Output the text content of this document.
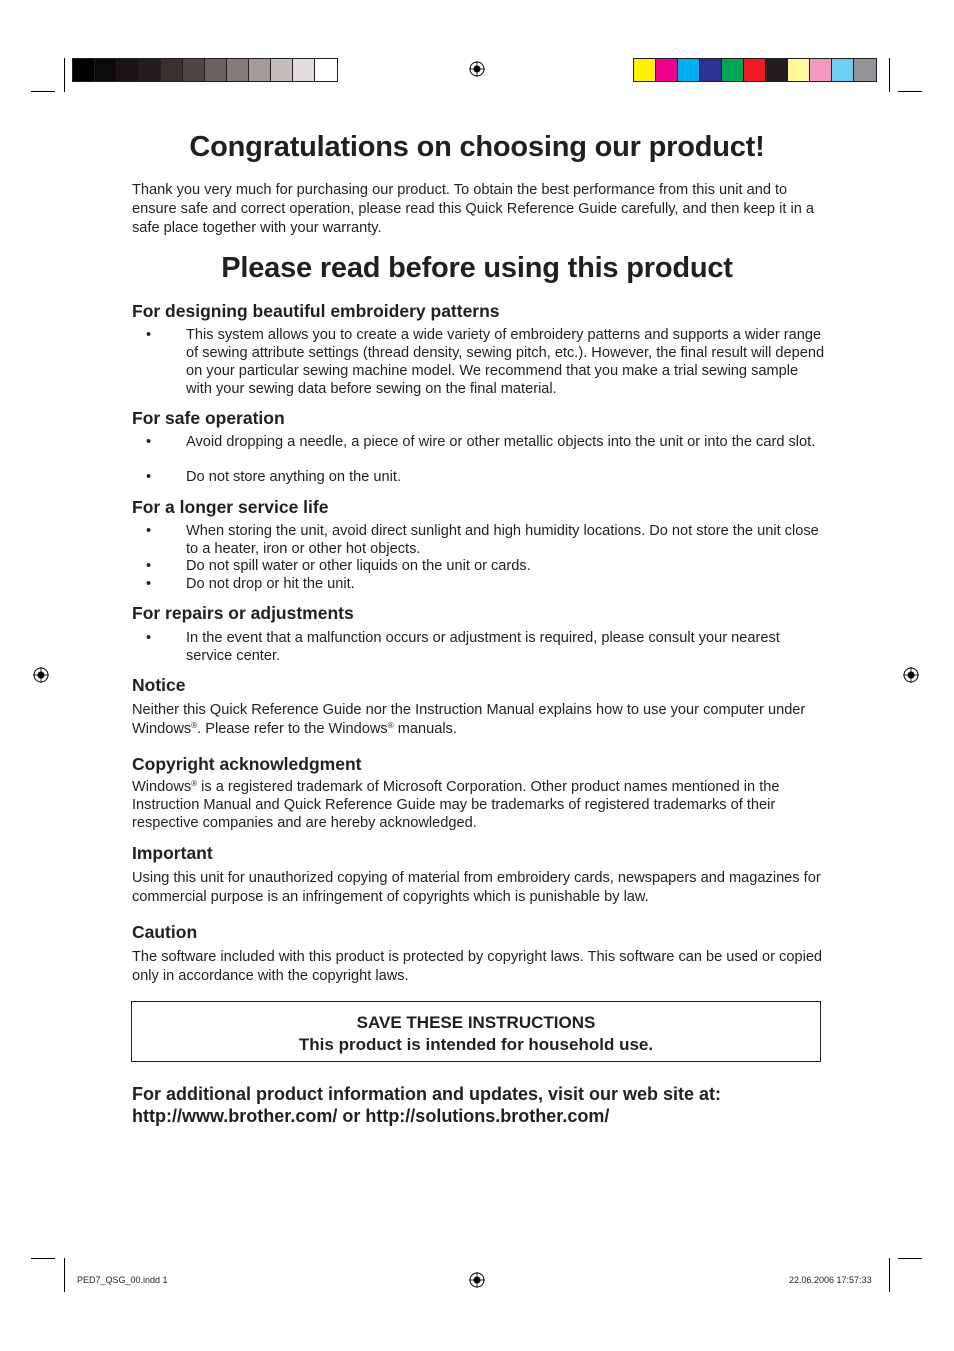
Congratulations on choosing our product!

Thank you very much for purchasing our product. To obtain the best performance from this unit and to ensure safe and correct operation, please read this Quick Reference Guide carefully, and then keep it in a safe place together with your warranty.

Please read before using this product
For designing beautiful embroidery patterns
• This system allows you to create a wide variety of embroidery patterns and supports a wider range of sewing attribute settings (thread density, sewing pitch, etc.). However, the final result will depend on your particular sewing machine model. We recommend that you make a trial sewing sample with your sewing data before sewing on the final material.
For safe operation
• Avoid dropping a needle, a piece of wire or other metallic objects into the unit or into the card slot.
• Do not store anything on the unit.
For a longer service life
• When storing the unit, avoid direct sunlight and high humidity locations. Do not store the unit close to a heater, iron or other hot objects.
• Do not spill water or other liquids on the unit or cards.
• Do not drop or hit the unit.
For repairs or adjustments
• In the event that a malfunction occurs or adjustment is required, please consult your nearest service center.
Notice

Neither this Quick Reference Guide nor the Instruction Manual explains how to use your computer under Windows®. Please refer to the Windows® manuals.

Copyright acknowledgment

Windows® is a registered trademark of Microsoft Corporation. Other product names mentioned in the Instruction Manual and Quick Reference Guide may be trademarks of registered trademarks of their respective companies and are hereby acknowledged.

Important

Using this unit for unauthorized copying of material from embroidery cards, newspapers and magazines for commercial purpose is an infringement of copyrights which is punishable by law.

Caution

The software included with this product is protected by copyright laws. This software can be used or copied only in accordance with the copyright laws.

SAVE THESE INSTRUCTIONS
This product is intended for household use.
For additional product information and updates, visit our web site at:
http://www.brother.com/ or http://solutions.brother.com/
PED7_QSG_00.indd 1	22.06.2006 17:57:33
